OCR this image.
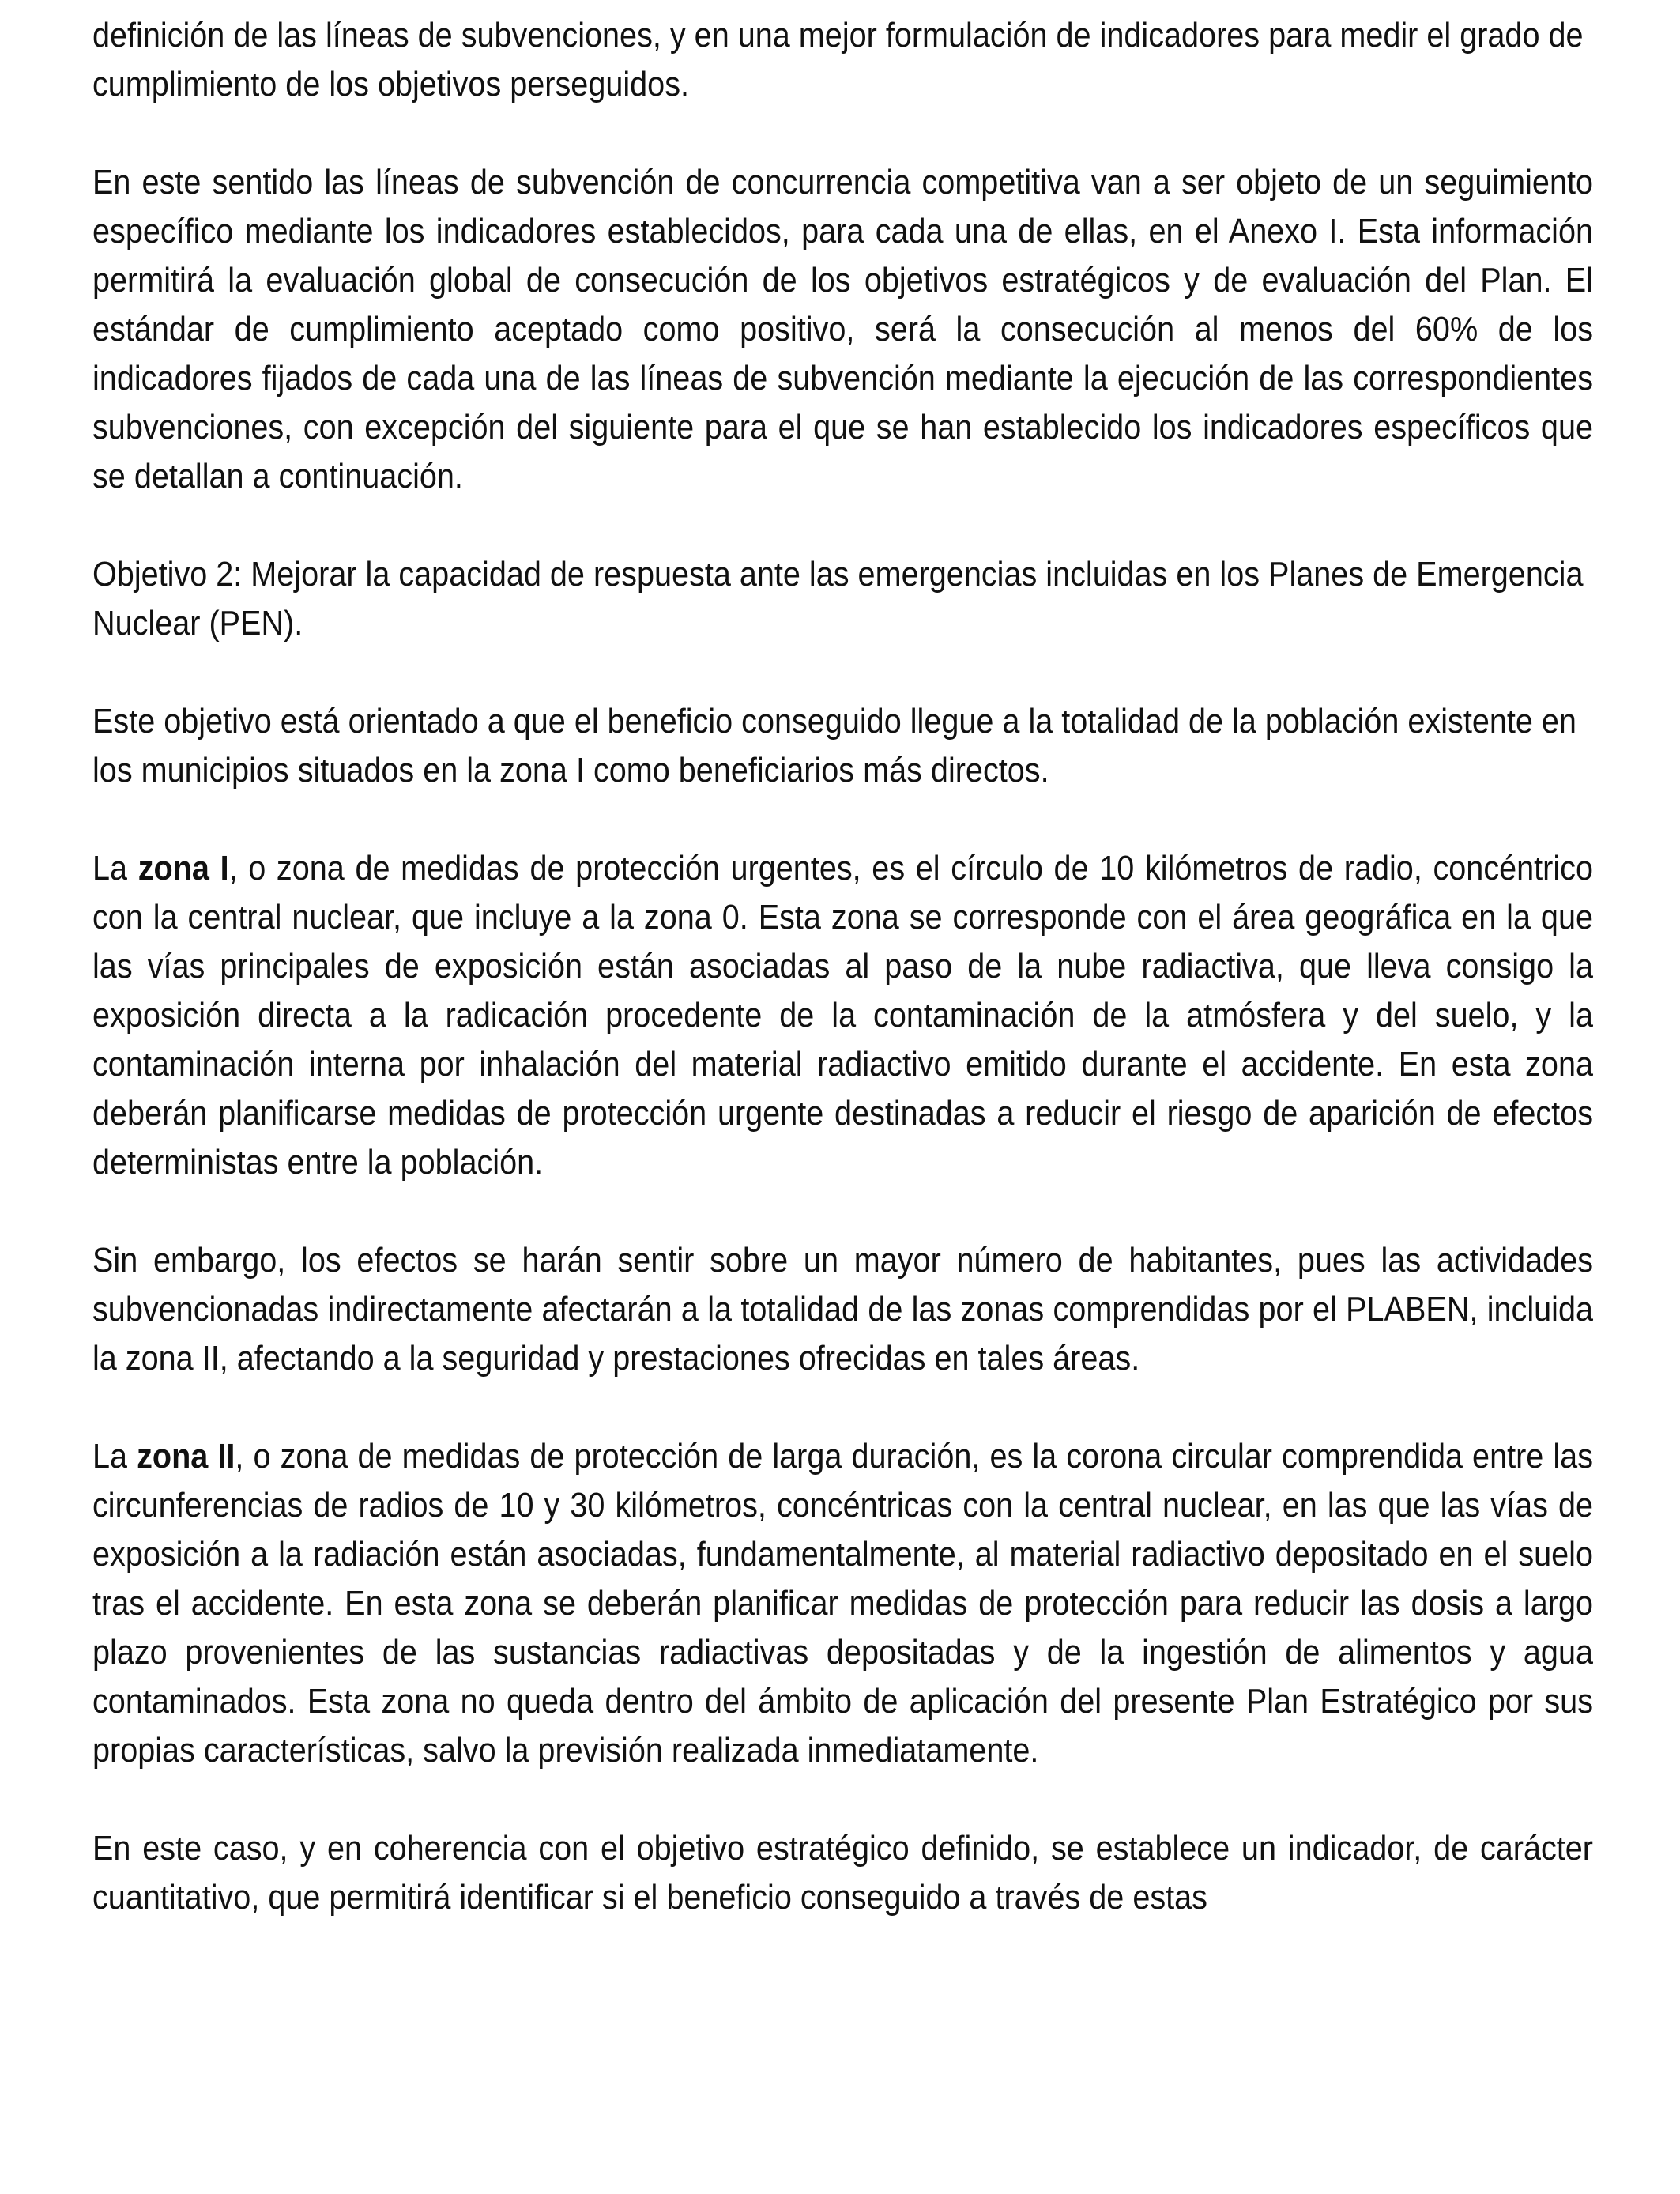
definición de las líneas de subvenciones, y en una mejor formulación de indicadores para medir el grado de cumplimiento de los objetivos perseguidos.

En este sentido las líneas de subvención de concurrencia competitiva van a ser objeto de un seguimiento específico mediante los indicadores establecidos, para cada una de ellas, en el Anexo I. Esta información permitirá la evaluación global de consecución de los objetivos estratégicos y de evaluación del Plan. El estándar de cumplimiento aceptado como positivo, será la consecución al menos del 60% de los indicadores fijados de cada una de las líneas de subvención mediante la ejecución de las correspondientes subvenciones, con excepción del siguiente para el que se han establecido los indicadores específicos que se detallan a continuación.

Objetivo 2: Mejorar la capacidad de respuesta ante las emergencias incluidas en los Planes de Emergencia Nuclear (PEN).

Este objetivo está orientado a que el beneficio conseguido llegue a la totalidad de la población existente en los municipios situados en la zona I como beneficiarios más directos.

La zona I, o zona de medidas de protección urgentes, es el círculo de 10 kilómetros de radio, concéntrico con la central nuclear, que incluye a la zona 0. Esta zona se corresponde con el área geográfica en la que las vías principales de exposición están asociadas al paso de la nube radiactiva, que lleva consigo la exposición directa a la radicación procedente de la contaminación de la atmósfera y del suelo, y la contaminación interna por inhalación del material radiactivo emitido durante el accidente. En esta zona deberán planificarse medidas de protección urgente destinadas a reducir el riesgo de aparición de efectos deterministas entre la población.

Sin embargo, los efectos se harán sentir sobre un mayor número de habitantes, pues las actividades subvencionadas indirectamente afectarán a la totalidad de las zonas comprendidas por el PLABEN, incluida la zona II, afectando a la seguridad y prestaciones ofrecidas en tales áreas.

La zona II, o zona de medidas de protección de larga duración, es la corona circular comprendida entre las circunferencias de radios de 10 y 30 kilómetros, concéntricas con la central nuclear, en las que las vías de exposición a la radiación están asociadas, fundamentalmente, al material radiactivo depositado en el suelo tras el accidente. En esta zona se deberán planificar medidas de protección para reducir las dosis a largo plazo provenientes de las sustancias radiactivas depositadas y de la ingestión de alimentos y agua contaminados. Esta zona no queda dentro del ámbito de aplicación del presente Plan Estratégico por sus propias características, salvo la previsión realizada inmediatamente.

En este caso, y en coherencia con el objetivo estratégico definido, se establece un indicador, de carácter cuantitativo, que permitirá identificar si el beneficio conseguido a través de estas
